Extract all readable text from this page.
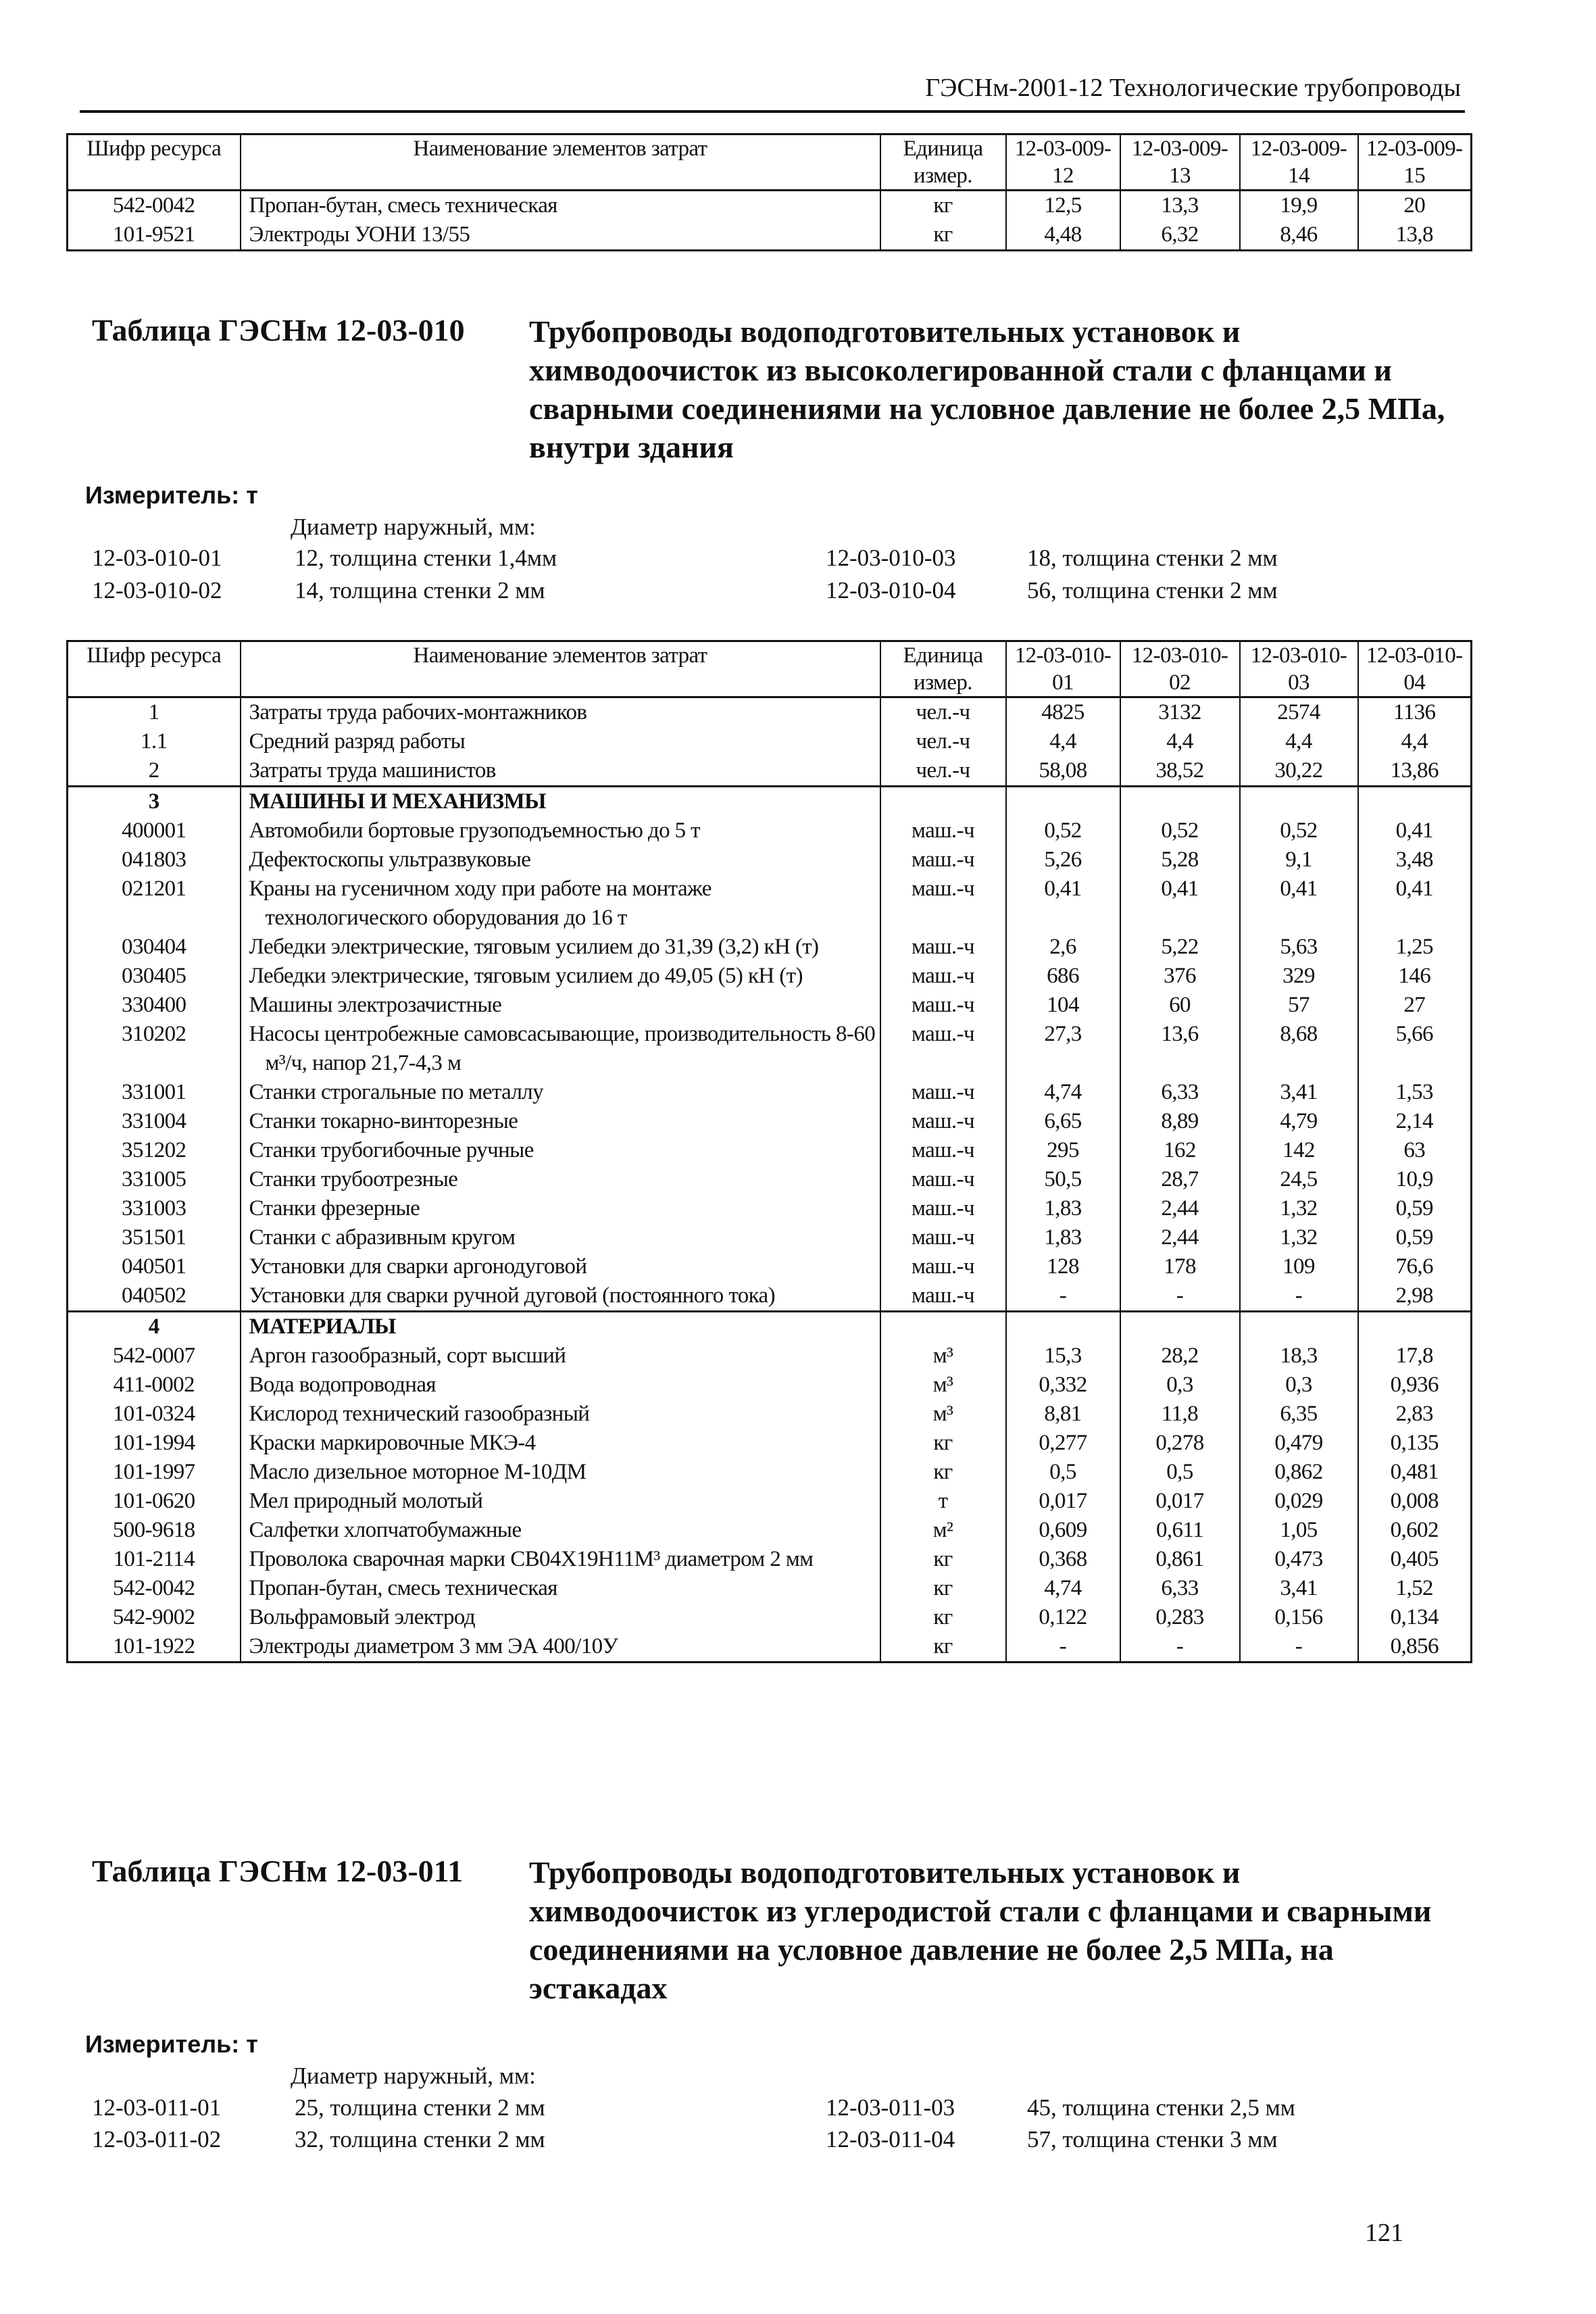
ГЭСНм-2001-12 Технологические трубопроводы
Шифр ресурса	Наименование элементов затрат	Единица измер.	12-03-009-12	12-03-009-13	12-03-009-14	12-03-009-15
542-0042	Пропан-бутан, смесь техническая	кг	12,5	13,3	19,9	20
101-9521	Электроды УОНИ 13/55	кг	4,48	6,32	8,46	13,8
Таблица ГЭСНм 12-03-010 Трубопроводы водоподготовительных установок и химводоочисток из высоколегированной стали с фланцами и сварными соединениями на условное давление не более 2,5 МПа, внутри здания
Измеритель: т
Диаметр наружный, мм:
12-03-010-01	12, толщина стенки 1,4мм
12-03-010-02	14, толщина стенки 2 мм
12-03-010-03	18, толщина стенки 2 мм
12-03-010-04	56, толщина стенки 2 мм
Шифр ресурса	Наименование элементов затрат	Единица измер.	12-03-010-01	12-03-010-02	12-03-010-03	12-03-010-04
1	Затраты труда рабочих-монтажников	чел.-ч	4825	3132	2574	1136
1.1	Средний разряд работы	чел.-ч	4,4	4,4	4,4	4,4
2	Затраты труда машинистов	чел.-ч	58,08	38,52	30,22	13,86
3	МАШИНЫ И МЕХАНИЗМЫ					
400001	Автомобили бортовые грузоподъемностью до 5 т	маш.-ч	0,52	0,52	0,52	0,41
041803	Дефектоскопы ультразвуковые	маш.-ч	5,26	5,28	9,1	3,48
021201	Краны на гусеничном ходу при работе на монтаже технологического оборудования до 16 т	маш.-ч	0,41	0,41	0,41	0,41
030404	Лебедки электрические, тяговым усилием до 31,39 (3,2) кН (т)	маш.-ч	2,6	5,22	5,63	1,25
030405	Лебедки электрические, тяговым усилием до 49,05 (5) кН (т)	маш.-ч	686	376	329	146
330400	Машины электрозачистные	маш.-ч	104	60	57	27
310202	Насосы центробежные самовсасывающие, производительность 8-60 м³/ч, напор 21,7-4,3 м	маш.-ч	27,3	13,6	8,68	5,66
331001	Станки строгальные по металлу	маш.-ч	4,74	6,33	3,41	1,53
331004	Станки токарно-винторезные	маш.-ч	6,65	8,89	4,79	2,14
351202	Станки трубогибочные ручные	маш.-ч	295	162	142	63
331005	Станки трубоотрезные	маш.-ч	50,5	28,7	24,5	10,9
331003	Станки фрезерные	маш.-ч	1,83	2,44	1,32	0,59
351501	Станки с абразивным кругом	маш.-ч	1,83	2,44	1,32	0,59
040501	Установки для сварки аргонодуговой	маш.-ч	128	178	109	76,6
040502	Установки для сварки ручной дуговой (постоянного тока)	маш.-ч	-	-	-	2,98
4	МАТЕРИАЛЫ					
542-0007	Аргон газообразный, сорт высший	м³	15,3	28,2	18,3	17,8
411-0002	Вода водопроводная	м³	0,332	0,3	0,3	0,936
101-0324	Кислород технический газообразный	м³	8,81	11,8	6,35	2,83
101-1994	Краски маркировочные МКЭ-4	кг	0,277	0,278	0,479	0,135
101-1997	Масло дизельное моторное М-10ДМ	кг	0,5	0,5	0,862	0,481
101-0620	Мел природный молотый	т	0,017	0,017	0,029	0,008
500-9618	Салфетки хлопчатобумажные	м²	0,609	0,611	1,05	0,602
101-2114	Проволока сварочная марки СВ04Х19Н11М³ диаметром 2 мм	кг	0,368	0,861	0,473	0,405
542-0042	Пропан-бутан, смесь техническая	кг	4,74	6,33	3,41	1,52
542-9002	Вольфрамовый электрод	кг	0,122	0,283	0,156	0,134
101-1922	Электроды диаметром 3 мм ЭА 400/10У	кг	-	-	-	0,856
Таблица ГЭСНм 12-03-011 Трубопроводы водоподготовительных установок и химводоочисток из углеродистой стали с фланцами и сварными соединениями на условное давление не более 2,5 МПа, на эстакадах
Измеритель: т
Диаметр наружный, мм:
12-03-011-01	25, толщина стенки 2 мм
12-03-011-02	32, толщина стенки 2 мм
12-03-011-03	45, толщина стенки 2,5 мм
12-03-011-04	57, толщина стенки 3 мм
121
